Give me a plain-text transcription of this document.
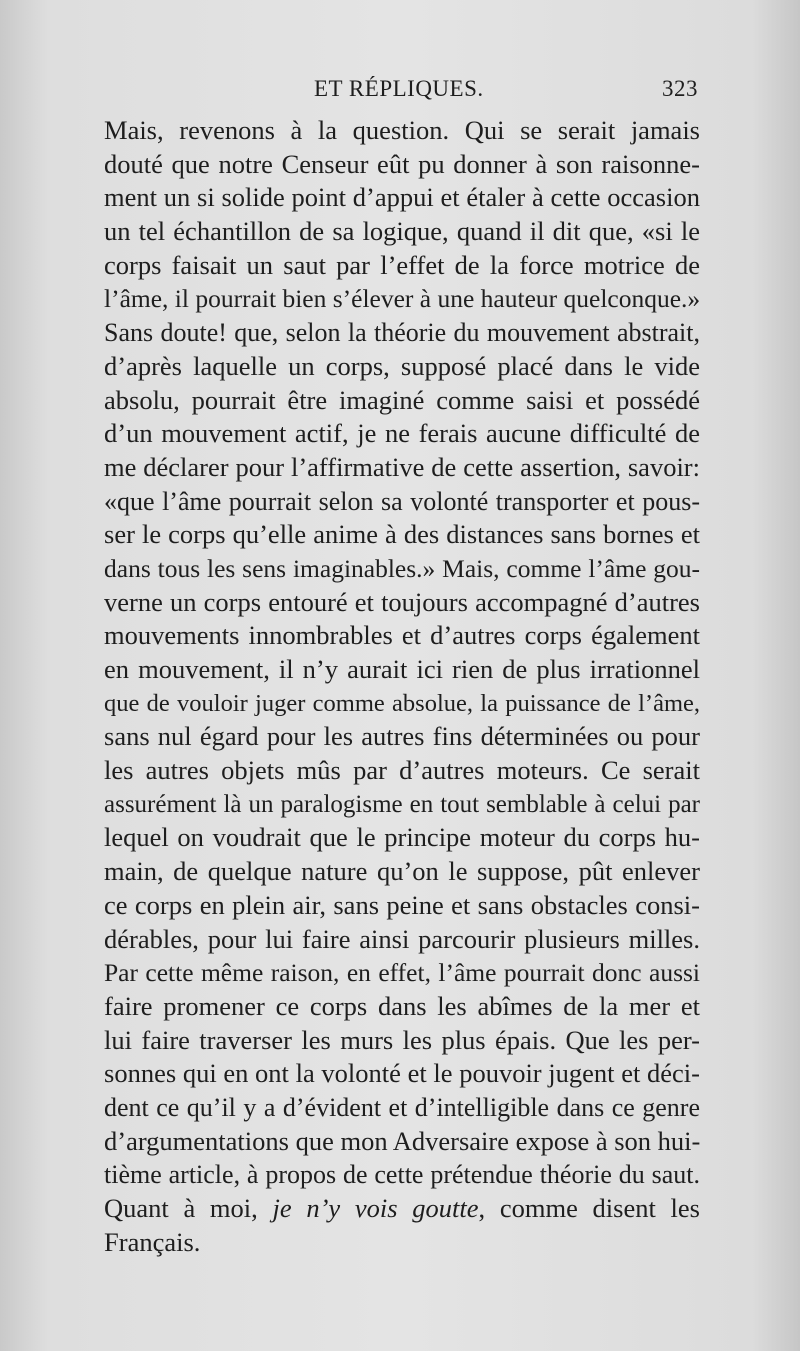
ET RÉPLIQUES.	323
Mais, revenons à la question. Qui se serait jamais
douté que notre Censeur eût pu donner à son raisonne-
ment un si solide point d’appui et étaler à cette occasion
un tel échantillon de sa logique, quand il dit que, «si le
corps faisait un saut par l’effet de la force motrice de
l’âme, il pourrait bien s’élever à une hauteur quelconque.»
Sans doute! que, selon la théorie du mouvement abstrait,
d’après laquelle un corps, supposé placé dans le vide
absolu, pourrait être imaginé comme saisi et possédé
d’un mouvement actif, je ne ferais aucune difficulté de
me déclarer pour l’affirmative de cette assertion, savoir:
«que l’âme pourrait selon sa volonté transporter et pous-
ser le corps qu’elle anime à des distances sans bornes et
dans tous les sens imaginables.» Mais, comme l’âme gou-
verne un corps entouré et toujours accompagné d’autres
mouvements innombrables et d’autres corps également
en mouvement, il n’y aurait ici rien de plus irrationnel
que de vouloir juger comme absolue, la puissance de l’âme,
sans nul égard pour les autres fins déterminées ou pour
les autres objets mûs par d’autres moteurs. Ce serait
assurément là un paralogisme en tout semblable à celui par
lequel on voudrait que le principe moteur du corps hu-
main, de quelque nature qu’on le suppose, pût enlever
ce corps en plein air, sans peine et sans obstacles consi-
dérables, pour lui faire ainsi parcourir plusieurs milles.
Par cette même raison, en effet, l’âme pourrait donc aussi
faire promener ce corps dans les abîmes de la mer et
lui faire traverser les murs les plus épais. Que les per-
sonnes qui en ont la volonté et le pouvoir jugent et déci-
dent ce qu’il y a d’évident et d’intelligible dans ce genre
d’argumentations que mon Adversaire expose à son hui-
tième article, à propos de cette prétendue théorie du saut.
Quant à moi, je n’y vois goutte, comme disent les
Français.
